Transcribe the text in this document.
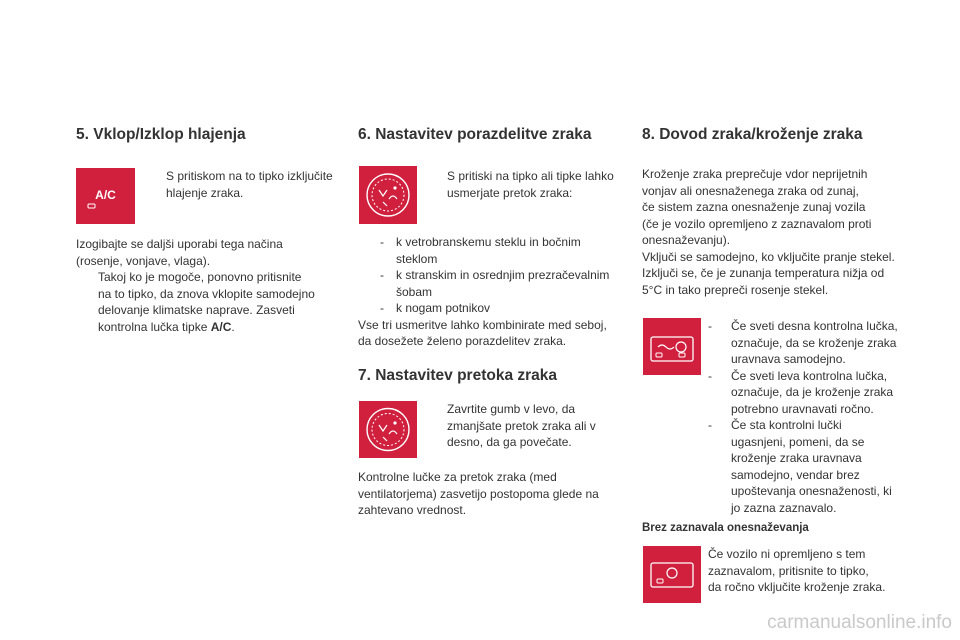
5. Vklop/Izklop hlajenja
A/C
S pritiskom na to tipko izključite
hlajenje zraka.
Izogibajte se daljši uporabi tega načina
(rosenje, vonjave, vlaga).
Takoj ko je mogoče, ponovno pritisnite
na to tipko, da znova vklopite samodejno
delovanje klimatske naprave. Zasveti
kontrolna lučka tipke A/C.
6. Nastavitev porazdelitve zraka
S pritiski na tipko ali tipke lahko
usmerjate pretok zraka:
- k vetrobranskemu steklu in bočnim
steklom
- k stranskim in osrednjim prezračevalnim
šobam
- k nogam potnikov
Vse tri usmeritve lahko kombinirate med seboj,
da dosežete želeno porazdelitev zraka.
7. Nastavitev pretoka zraka
Zavrtite gumb v levo, da
zmanjšate pretok zraka ali v
desno, da ga povečate.
Kontrolne lučke za pretok zraka (med
ventilatorjema) zasvetijo postopoma glede na
zahtevano vrednost.
8. Dovod zraka/kroženje zraka
Kroženje zraka preprečuje vdor neprijetnih
vonjav ali onesnaženega zraka od zunaj,
če sistem zazna onesnaženje zunaj vozila
(če je vozilo opremljeno z zaznavalom proti
onesnaževanju).
Vključi se samodejno, ko vključite pranje stekel.
Izključi se, če je zunanja temperatura nižja od
5°C in tako prepreči rosenje stekel.
- Če sveti desna kontrolna lučka,
označuje, da se kroženje zraka
uravnava samodejno.
- Če sveti leva kontrolna lučka,
označuje, da je kroženje zraka
potrebno uravnavati ročno.
- Če sta kontrolni lučki
ugasnjeni, pomeni, da se
kroženje zraka uravnava
samodejno, vendar brez
upoštevanja onesnaženosti, ki
jo zazna zaznavalo.
Brez zaznavala onesnaževanja
Če vozilo ni opremljeno s tem
zaznavalom, pritisnite to tipko,
da ročno vključite kroženje zraka.
carmanualsonline.info
